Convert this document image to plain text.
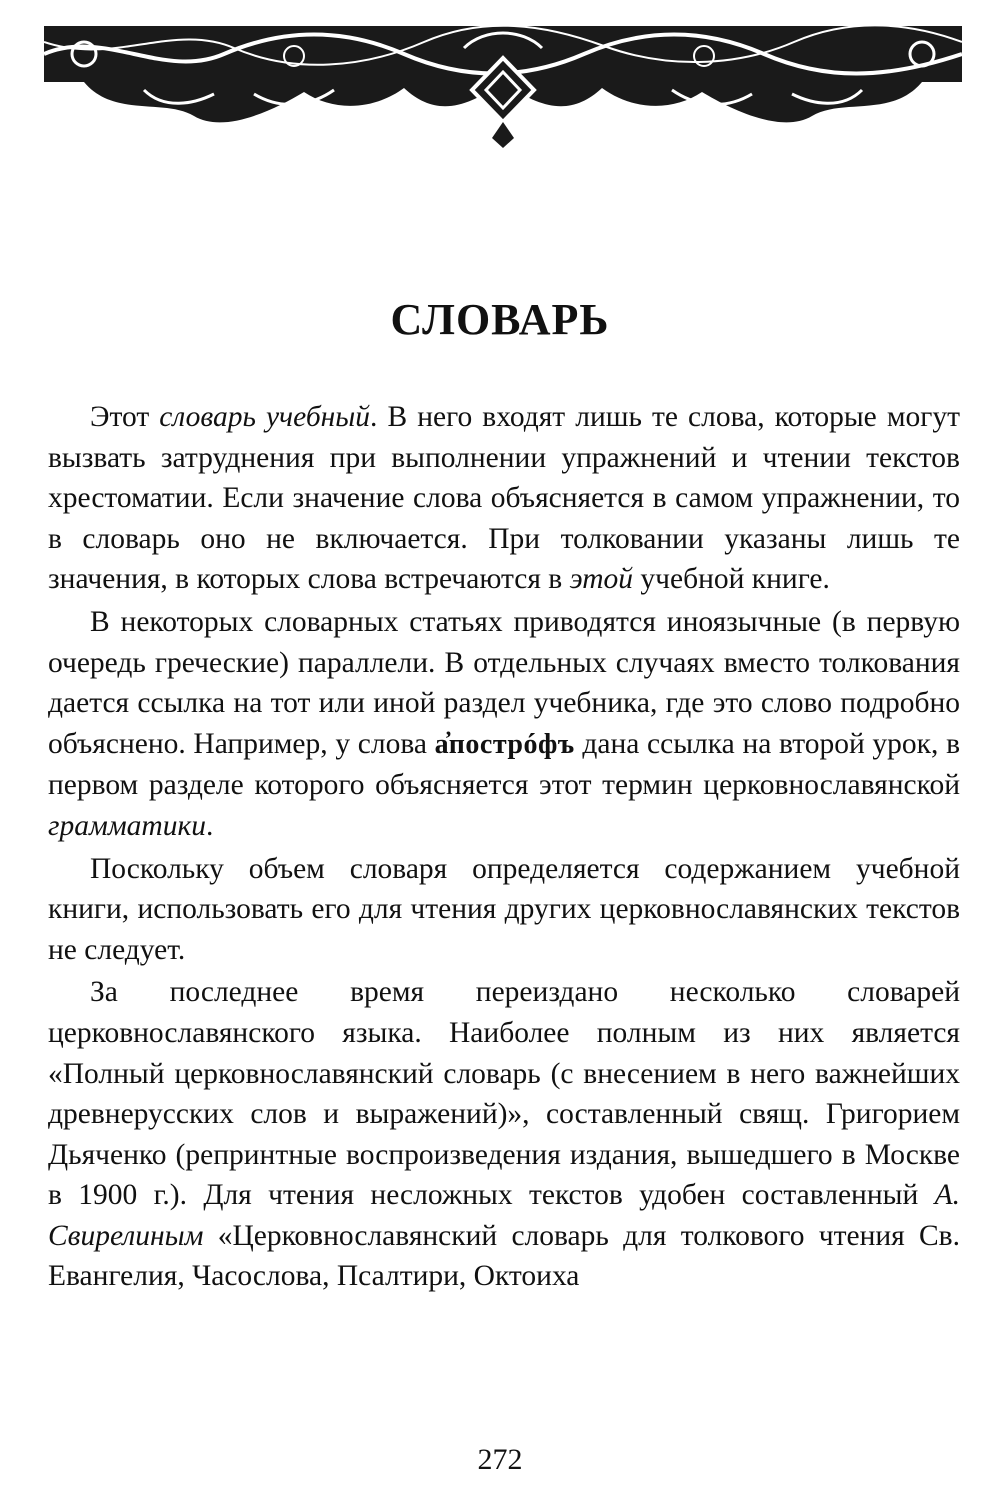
СЛОВАРЬ

Этот словарь учебный. В него входят лишь те слова, которые могут вызвать затруднения при выполнении упражнений и чтении текстов хрестоматии. Если значение слова объясняется в самом упражнении, то в словарь оно не включается. При толковании указаны лишь те значения, в которых слова встречаются в этой учебной книге.

В некоторых словарных статьях приводятся иноязычные (в первую очередь греческие) параллели. В отдельных случаях вместо толкования дается ссылка на тот или иной раздел учебника, где это слово подробно объяснено. Например, у слова а̓пострóфъ дана ссылка на второй урок, в первом разделе которого объясняется этот термин церковнославянской грамматики.

Поскольку объем словаря определяется содержанием учебной книги, использовать его для чтения других церковнославянских текстов не следует.

За последнее время переиздано несколько словарей церковнославянского языка. Наиболее полным из них является «Полный церковнославянский словарь (с внесением в него важнейших древнерусских слов и выражений)», составленный свящ. Григорием Дьяченко (репринтные воспроизведения издания, вышедшего в Москве в 1900 г.). Для чтения несложных текстов удобен составленный А. Свирелиным «Церковнославянский словарь для толкового чтения Св. Евангелия, Часослова, Псалтири, Октоиха

272
